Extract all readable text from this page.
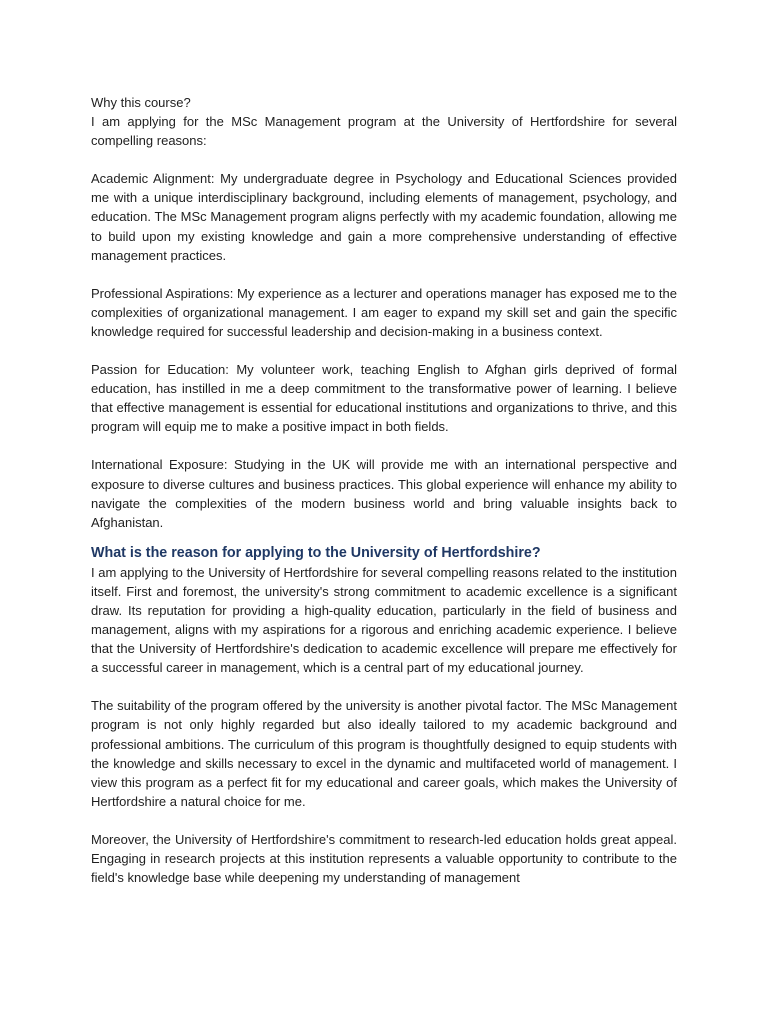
Why this course?

I am applying for the MSc Management program at the University of Hertfordshire for several compelling reasons:

Academic Alignment: My undergraduate degree in Psychology and Educational Sciences provided me with a unique interdisciplinary background, including elements of management, psychology, and education. The MSc Management program aligns perfectly with my academic foundation, allowing me to build upon my existing knowledge and gain a more comprehensive understanding of effective management practices.

Professional Aspirations: My experience as a lecturer and operations manager has exposed me to the complexities of organizational management. I am eager to expand my skill set and gain the specific knowledge required for successful leadership and decision-making in a business context.

Passion for Education: My volunteer work, teaching English to Afghan girls deprived of formal education, has instilled in me a deep commitment to the transformative power of learning. I believe that effective management is essential for educational institutions and organizations to thrive, and this program will equip me to make a positive impact in both fields.

International Exposure: Studying in the UK will provide me with an international perspective and exposure to diverse cultures and business practices. This global experience will enhance my ability to navigate the complexities of the modern business world and bring valuable insights back to Afghanistan.

What is the reason for applying to the University of Hertfordshire?

I am applying to the University of Hertfordshire for several compelling reasons related to the institution itself. First and foremost, the university's strong commitment to academic excellence is a significant draw. Its reputation for providing a high-quality education, particularly in the field of business and management, aligns with my aspirations for a rigorous and enriching academic experience. I believe that the University of Hertfordshire's dedication to academic excellence will prepare me effectively for a successful career in management, which is a central part of my educational journey.

The suitability of the program offered by the university is another pivotal factor. The MSc Management program is not only highly regarded but also ideally tailored to my academic background and professional ambitions. The curriculum of this program is thoughtfully designed to equip students with the knowledge and skills necessary to excel in the dynamic and multifaceted world of management. I view this program as a perfect fit for my educational and career goals, which makes the University of Hertfordshire a natural choice for me.

Moreover, the University of Hertfordshire's commitment to research-led education holds great appeal. Engaging in research projects at this institution represents a valuable opportunity to contribute to the field's knowledge base while deepening my understanding of management
